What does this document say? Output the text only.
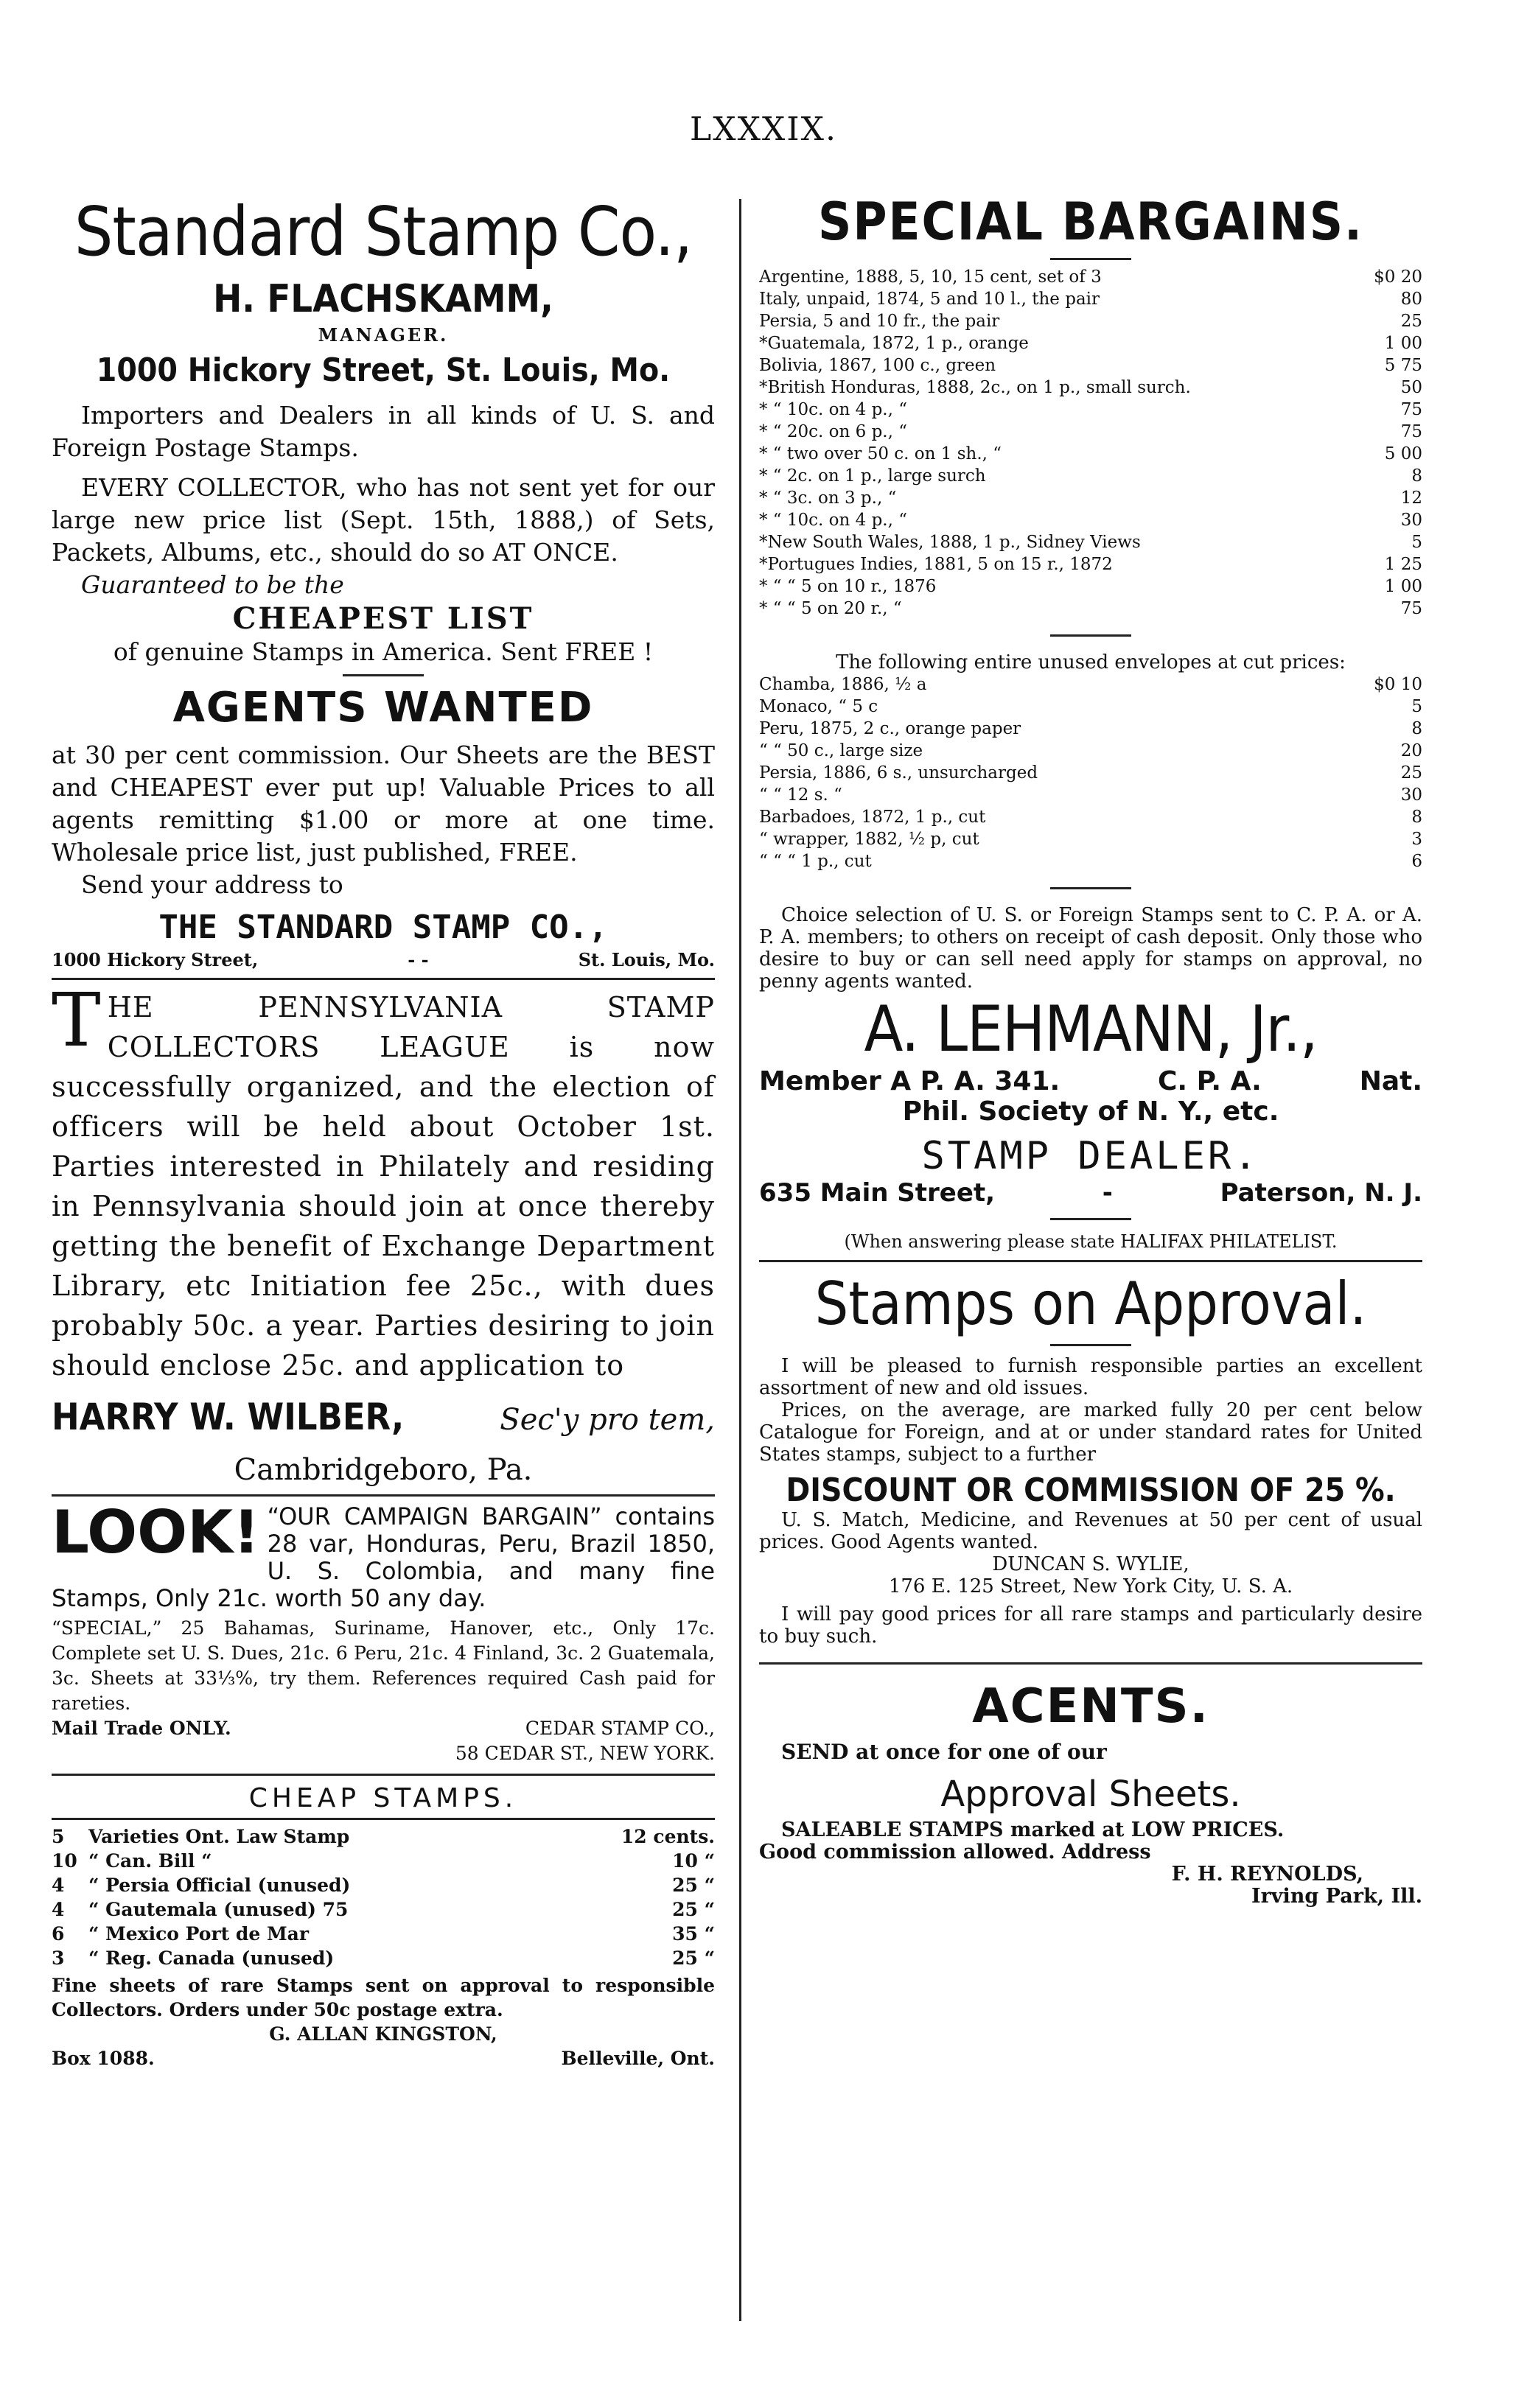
LXXXIX.
Standard Stamp Co.,
H. FLACHSKAMM,
MANAGER.
1000 Hickory Street, St. Louis, Mo.

Importers and Dealers in all kinds of U. S. and Foreign Postage Stamps.

EVERY COLLECTOR, who has not sent yet for our large new price list (Sept. 15th, 1888,) of Sets, Packets, Albums, etc., should do so AT ONCE.

Guaranteed to be the

CHEAPEST LIST

of genuine Stamps in America. Sent FREE !

AGENTS WANTED

at 30 per cent commission. Our Sheets are the BEST and CHEAPEST ever put up! Valuable Prices to all agents remitting $1.00 or more at one time. Wholesale price list, just published, FREE.

Send your address to

THE STANDARD STAMP CO.,
1000 Hickory Street,	- -	St. Louis, Mo.
THE PENNSYLVANIA STAMP COLLECTORS LEAGUE is now successfully organized, and the election of officers will be held about October 1st. Parties interested in Philately and residing in Pennsylvania should join at once thereby getting the benefit of Exchange Department Library, etc Initiation fee 25c., with dues probably 50c. a year. Parties desiring to join should enclose 25c. and application to
HARRY W. WILBER,	Sec'y pro tem,
Cambridgeboro, Pa.
LOOK! “OUR CAMPAIGN BARGAIN” contains 28 var, Honduras, Peru, Brazil 1850, U. S. Colombia, and many fine Stamps, Only 21c. worth 50 any day.

“SPECIAL,” 25 Bahamas, Suriname, Hanover, etc., Only 17c. Complete set U. S. Dues, 21c. 6 Peru, 21c. 4 Finland, 3c. 2 Guatemala, 3c. Sheets at 33⅓%, try them. References required Cash paid for rareties.

Mail Trade ONLY.	CEDAR STAMP CO.,
58 CEDAR ST., NEW YORK.
CHEAP STAMPS.
5	Varieties Ont. Law Stamp	12 cents.
10 “ Can. Bill “	10 “
4	“ Persia Official (unused)	25 “
4	“ Gautemala (unused) 75	25 “
6	“ Mexico Port de Mar	35 “
3	“ Reg. Canada (unused)	25 “

Fine sheets of rare Stamps sent on approval to responsible Collectors. Orders under 50c postage extra.

G. ALLAN KINGSTON,
Box 1088.	Belleville, Ont.
SPECIAL BARGAINS.
Argentine, 1888, 5, 10, 15 cent, set of 3	$0 20
Italy, unpaid, 1874, 5 and 10 l., the pair	80
Persia, 5 and 10 fr., the pair	25
*Guatemala, 1872, 1 p., orange	1 00
Bolivia, 1867, 100 c., green	5 75
*British Honduras, 1888, 2c., on 1 p., small surch.	50
* “ 10c. on 4 p., “	75
* “ 20c. on 6 p., “	75
* “ two over 50 c. on 1 sh., “	5 00
* “ 2c. on 1 p., large surch	8
* “ 3c. on 3 p., “	12
* “ 10c. on 4 p., “	30
*New South Wales, 1888, 1 p., Sidney Views	5
*Portugues Indies, 1881, 5 on 15 r., 1872	1 25
* “ “ 5 on 10 r., 1876	1 00
* “ “ 5 on 20 r., “	75

The following entire unused envelopes at cut prices:

Chamba, 1886, ½ a	$0 10
Monaco, “ 5 c	5
Peru, 1875, 2 c., orange paper	8
“ “ 50 c., large size	20
Persia, 1886, 6 s., unsurcharged	25
“ “ 12 s. “	30
Barbadoes, 1872, 1 p., cut	8
“ wrapper, 1882, ½ p, cut	3
“ “ “ 1 p., cut	6

Choice selection of U. S. or Foreign Stamps sent to C. P. A. or A. P. A. members; to others on receipt of cash deposit. Only those who desire to buy or can sell need apply for stamps on approval, no penny agents wanted.

A. LEHMANN, Jr.,
Member A P. A. 341.	C. P. A.	Nat.
Phil. Society of N. Y., etc.
STAMP DEALER.
635 Main Street,	-	Paterson, N. J.
(When answering please state HALIFAX PHILATELIST.
Stamps on Approval.

I will be pleased to furnish responsible parties an excellent assortment of new and old issues.

Prices, on the average, are marked fully 20 per cent below Catalogue for Foreign, and at or under standard rates for United States stamps, subject to a further

DISCOUNT OR COMMISSION OF 25 %.

U. S. Match, Medicine, and Revenues at 50 per cent of usual prices. Good Agents wanted.

DUNCAN S. WYLIE,
176 E. 125 Street, New York City, U. S. A.

I will pay good prices for all rare stamps and particularly desire to buy such.

ACENTS.
SEND at once for one of our
Approval Sheets.
SALEABLE STAMPS marked at LOW PRICES.
Good commission allowed. Address
F. H. REYNOLDS,
Irving Park, Ill.
